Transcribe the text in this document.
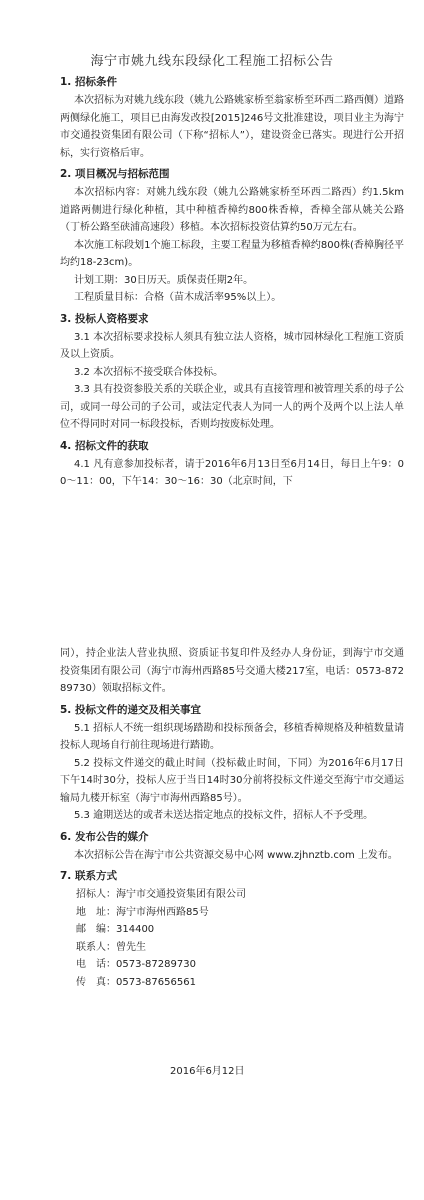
海宁市姚九线东段绿化工程施工招标公告
1. 招标条件

本次招标为对姚九线东段（姚九公路姚家桥至翁家桥至环西二路西侧）道路两侧绿化施工，项目已由海发改投[2015]246号文批准建设，项目业主为海宁市交通投资集团有限公司（下称“招标人”），建设资金已落实。现进行公开招标，实行资格后审。

2. 项目概况与招标范围

本次招标内容：对姚九线东段（姚九公路姚家桥至环西二路西）约1.5km道路两侧进行绿化种植，其中种植香樟约800株香樟，香樟全部从姚关公路（丁桥公路至硖浦高速段）移植。本次招标投资估算约50万元左右。

本次施工标段划1个施工标段，主要工程量为移植香樟约800株(香樟胸径平均约18-23cm)。

计划工期：30日历天。质保责任期2年。

工程质量目标：合格（苗木成活率95%以上）。

3. 投标人资格要求

3.1 本次招标要求投标人须具有独立法人资格，城市园林绿化工程施工资质及以上资质。

3.2 本次招标不接受联合体投标。

3.3 具有投资参股关系的关联企业，或具有直接管理和被管理关系的母子公司，或同一母公司的子公司，或法定代表人为同一人的两个及两个以上法人单位不得同时对同一标段投标，否则均按废标处理。

4. 招标文件的获取

4.1 凡有意参加投标者，请于2016年6月13日至6月14日，每日上午9：00～11：00，下午14：30～16：30（北京时间，下

同），持企业法人营业执照、资质证书复印件及经办人身份证，到海宁市交通投资集团有限公司（海宁市海州西路85号交通大楼217室，电话：0573-87289730）领取招标文件。

5. 投标文件的递交及相关事宜

5.1 招标人不统一组织现场踏勘和投标预备会，移植香樟规格及种植数量请投标人现场自行前往现场进行踏勘。

5.2 投标文件递交的截止时间（投标截止时间，下同）为2016年6月17日下午14时30分，投标人应于当日14时30分前将投标文件递交至海宁市交通运输局九楼开标室（海宁市海州西路85号）。

5.3 逾期送达的或者未送达指定地点的投标文件，招标人不予受理。

6. 发布公告的媒介

本次招标公告在海宁市公共资源交易中心网 www.zjhnztb.com 上发布。

7. 联系方式
招标人：海宁市交通投资集团有限公司
地　址：海宁市海州西路85号
邮　编：314400
联系人：曾先生
电　话：0573-87289730
传　真：0573-87656561
2016年6月12日
